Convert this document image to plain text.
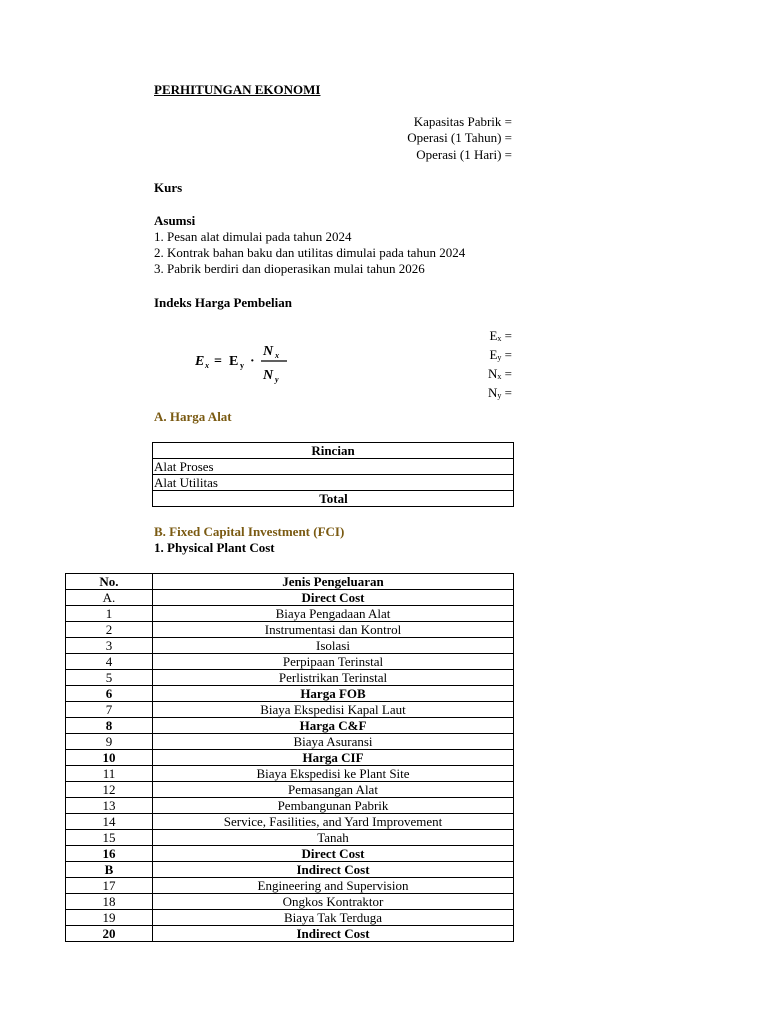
PERHITUNGAN EKONOMI
Kapasitas Pabrik =
Operasi (1 Tahun) =
Operasi (1 Hari) =
Kurs
Asumsi
1. Pesan alat dimulai pada tahun 2024
2. Kontrak bahan baku dan utilitas dimulai pada tahun 2024
3. Pabrik berdiri dan dioperasikan mulai tahun 2026
Indeks Harga Pembelian
E x = E y ·
N x
N y
$E_x$ =
$E_y$ =
$N_x$ =
$N_y$ =
A. Harga Alat
Rincian
Alat Proses
Alat Utilitas
Total
B. Fixed Capital Investment (FCI)
1. Physical Plant Cost
No.	Jenis Pengeluaran
A.	Direct Cost
1	Biaya Pengadaan Alat
2	Instrumentasi dan Kontrol
3	Isolasi
4	Perpipaan Terinstal
5	Perlistrikan Terinstal
6	Harga FOB
7	Biaya Ekspedisi Kapal Laut
8	Harga C&F
9	Biaya Asuransi
10	Harga CIF
11	Biaya Ekspedisi ke Plant Site
12	Pemasangan Alat
13	Pembangunan Pabrik
14	Service, Fasilities, and Yard Improvement
15	Tanah
16	Direct Cost
B	Indirect Cost
17	Engineering and Supervision
18	Ongkos Kontraktor
19	Biaya Tak Terduga
20	Indirect Cost
